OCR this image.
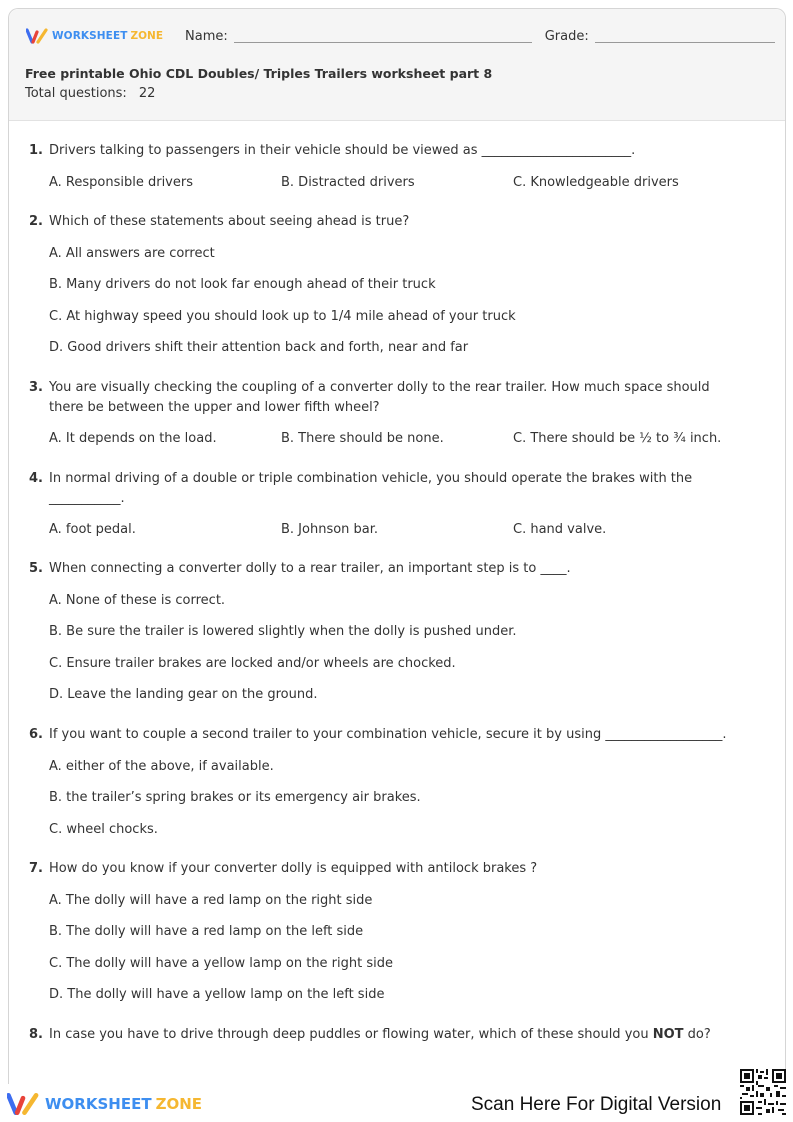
WORKSHEET ZONE Name:	Grade:
Free printable Ohio CDL Doubles/ Triples Trailers worksheet part 8
Total questions: 22
1. Drivers talking to passengers in their vehicle should be viewed as _______________________.
A. Responsible drivers	B. Distracted drivers	C. Knowledgeable drivers
2. Which of these statements about seeing ahead is true?
A. All answers are correct
B. Many drivers do not look far enough ahead of their truck
C. At highway speed you should look up to 1/4 mile ahead of your truck
D. Good drivers shift their attention back and forth, near and far
3. You are visually checking the coupling of a converter dolly to the rear trailer. How much space should there be between the upper and lower fifth wheel?
A. It depends on the load.	B. There should be none.	C. There should be ½ to ¾ inch.
4. In normal driving of a double or triple combination vehicle, you should operate the brakes with the ___________.
A. foot pedal.	B. Johnson bar.	C. hand valve.
5. When connecting a converter dolly to a rear trailer, an important step is to ____.
A. None of these is correct.
B. Be sure the trailer is lowered slightly when the dolly is pushed under.
C. Ensure trailer brakes are locked and/or wheels are chocked.
D. Leave the landing gear on the ground.
6. If you want to couple a second trailer to your combination vehicle, secure it by using __________________.
A. either of the above, if available.
B. the trailer’s spring brakes or its emergency air brakes.
C. wheel chocks.
7. How do you know if your converter dolly is equipped with antilock brakes ?
A. The dolly will have a red lamp on the right side
B. The dolly will have a red lamp on the left side
C. The dolly will have a yellow lamp on the right side
D. The dolly will have a yellow lamp on the left side
8. In case you have to drive through deep puddles or flowing water, which of these should you NOT do?
WORKSHEET ZONE	Scan Here For Digital Version
